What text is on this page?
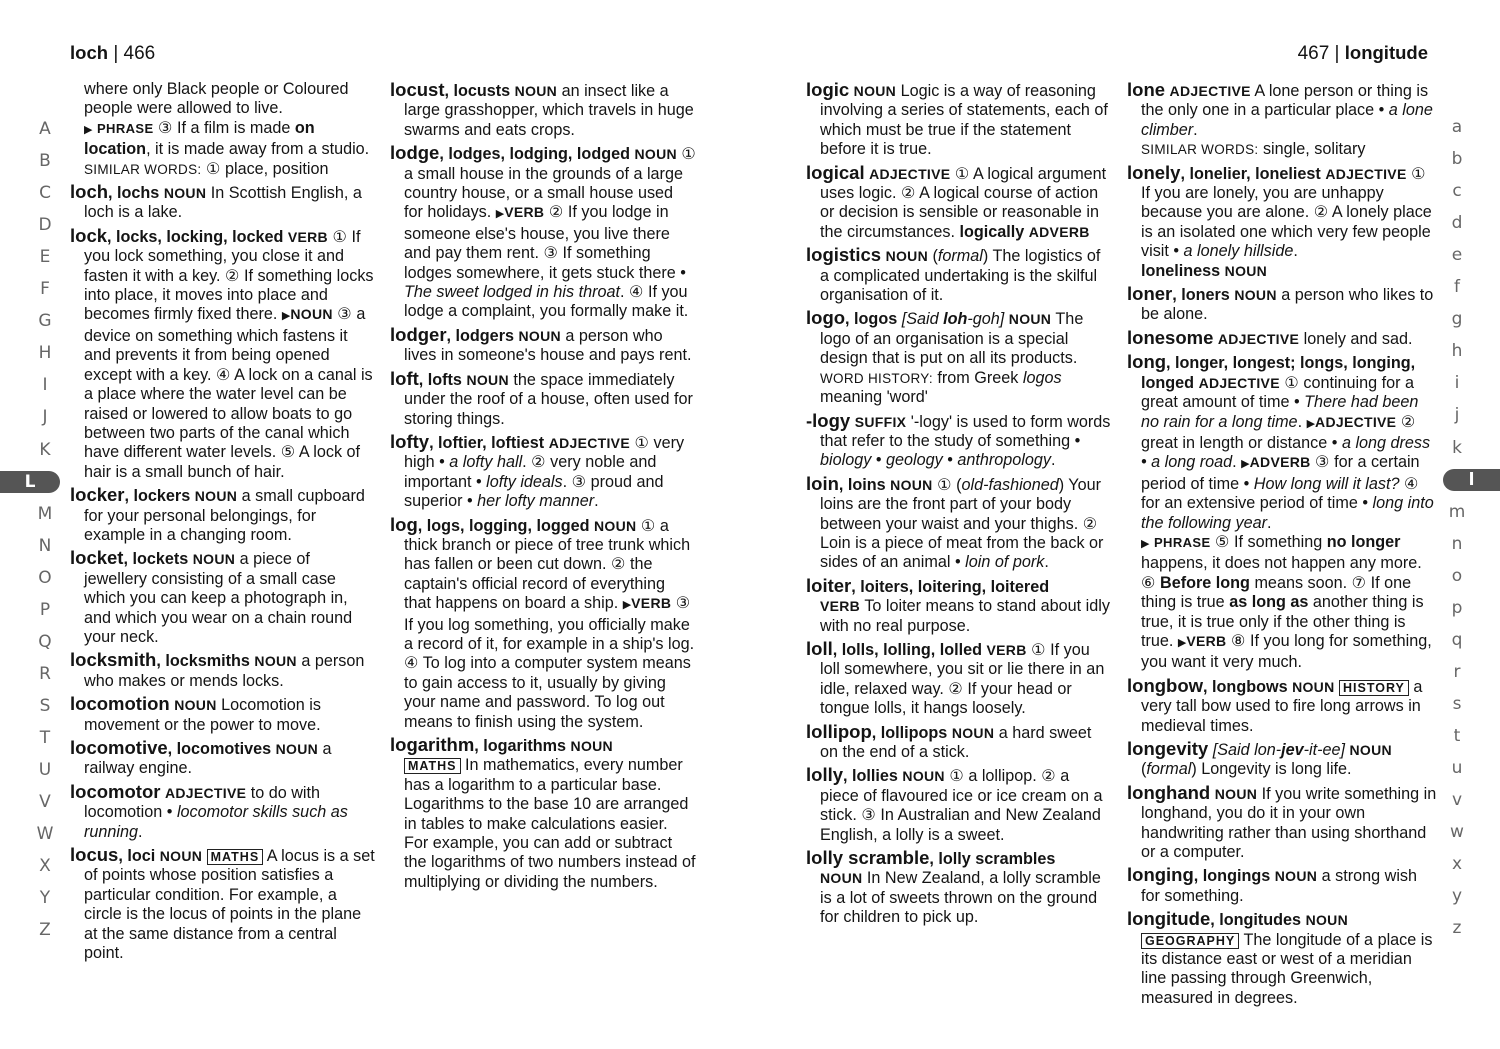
loch | 466	467 | longitude
A
B
C
D
E
F
G
H
I
J
K
L
M
N
O
P
Q
R
S
T
U
V
W
X
Y
Z
a
b
c
d
e
f
g
h
i
j
k
l
m
n
o
p
q
r
s
t
u
v
w
x
y
z

where only Black people or Coloured people were allowed to live.

▶ PHRASE ③ If a film is made on location, it is made away from a studio.

SIMILAR WORDS: ① place, position

loch, lochs NOUN In Scottish English, a loch is a lake.

lock, locks, locking, locked VERB ① If you lock something, you close it and fasten it with a key. ② If something locks into place, it moves into place and becomes firmly fixed there. ▶NOUN ③ a device on something which fastens it and prevents it from being opened except with a key. ④ A lock on a canal is a place where the water level can be raised or lowered to allow boats to go between two parts of the canal which have different water levels. ⑤ A lock of hair is a small bunch of hair.

locker, lockers NOUN a small cupboard for your personal belongings, for example in a changing room.

locket, lockets NOUN a piece of jewellery consisting of a small case which you can keep a photograph in, and which you wear on a chain round your neck.

locksmith, locksmiths NOUN a person who makes or mends locks.

locomotion NOUN Locomotion is movement or the power to move.

locomotive, locomotives NOUN a railway engine.

locomotor ADJECTIVE to do with locomotion • locomotor skills such as running.

locus, loci NOUN MATHS A locus is a set of points whose position satisfies a particular condition. For example, a circle is the locus of points in the plane at the same distance from a central point.

locust, locusts NOUN an insect like a large grasshopper, which travels in huge swarms and eats crops.

lodge, lodges, lodging, lodged NOUN ① a small house in the grounds of a large country house, or a small house used for holidays. ▶VERB ② If you lodge in someone else's house, you live there and pay them rent. ③ If something lodges somewhere, it gets stuck there • The sweet lodged in his throat. ④ If you lodge a complaint, you formally make it.

lodger, lodgers NOUN a person who lives in someone's house and pays rent.

loft, lofts NOUN the space immediately under the roof of a house, often used for storing things.

lofty, loftier, loftiest ADJECTIVE ① very high • a lofty hall. ② very noble and important • lofty ideals. ③ proud and superior • her lofty manner.

log, logs, logging, logged NOUN ① a thick branch or piece of tree trunk which has fallen or been cut down. ② the captain's official record of everything that happens on board a ship. ▶VERB ③ If you log something, you officially make a record of it, for example in a ship's log. ④ To log into a computer system means to gain access to it, usually by giving your name and password. To log out means to finish using the system.

logarithm, logarithms NOUN
MATHS In mathematics, every number has a logarithm to a particular base. Logarithms to the base 10 are arranged in tables to make calculations easier. For example, you can add or subtract the logarithms of two numbers instead of multiplying or dividing the numbers.

logic NOUN Logic is a way of reasoning involving a series of statements, each of which must be true if the statement before it is true.

logical ADJECTIVE ① A logical argument uses logic. ② A logical course of action or decision is sensible or reasonable in the circumstances. logically ADVERB

logistics NOUN (formal) The logistics of a complicated undertaking is the skilful organisation of it.

logo, logos [Said loh-goh] NOUN The logo of an organisation is a special design that is put on all its products.
WORD HISTORY: from Greek logos meaning 'word'

-logy SUFFIX '-logy' is used to form words that refer to the study of something • biology • geology • anthropology.

loin, loins NOUN ① (old-fashioned) Your loins are the front part of your body between your waist and your thighs. ② Loin is a piece of meat from the back or sides of an animal • loin of pork.

loiter, loiters, loitering, loitered
VERB To loiter means to stand about idly with no real purpose.

loll, lolls, lolling, lolled VERB ① If you loll somewhere, you sit or lie there in an idle, relaxed way. ② If your head or tongue lolls, it hangs loosely.

lollipop, lollipops NOUN a hard sweet on the end of a stick.

lolly, lollies NOUN ① a lollipop. ② a piece of flavoured ice or ice cream on a stick. ③ In Australian and New Zealand English, a lolly is a sweet.

lolly scramble, lolly scrambles
NOUN In New Zealand, a lolly scramble is a lot of sweets thrown on the ground for children to pick up.

lone ADJECTIVE A lone person or thing is the only one in a particular place • a lone climber.
SIMILAR WORDS: single, solitary

lonely, lonelier, loneliest ADJECTIVE ① If you are lonely, you are unhappy because you are alone. ② A lonely place is an isolated one which very few people visit • a lonely hillside.
loneliness NOUN

loner, loners NOUN a person who likes to be alone.

lonesome ADJECTIVE lonely and sad.

long, longer, longest; longs, longing, longed ADJECTIVE ① continuing for a great amount of time • There had been no rain for a long time. ▶ADJECTIVE ② great in length or distance • a long dress • a long road. ▶ADVERB ③ for a certain period of time • How long will it last? ④ for an extensive period of time • long into the following year.
▶ PHRASE ⑤ If something no longer happens, it does not happen any more. ⑥ Before long means soon. ⑦ If one thing is true as long as another thing is true, it is true only if the other thing is true. ▶VERB ⑧ If you long for something, you want it very much.

longbow, longbows NOUN HISTORY a very tall bow used to fire long arrows in medieval times.

longevity [Said lon-jev-it-ee] NOUN (formal) Longevity is long life.

longhand NOUN If you write something in longhand, you do it in your own handwriting rather than using shorthand or a computer.

longing, longings NOUN a strong wish for something.

longitude, longitudes NOUN
GEOGRAPHY The longitude of a place is its distance east or west of a meridian line passing through Greenwich, measured in degrees.
